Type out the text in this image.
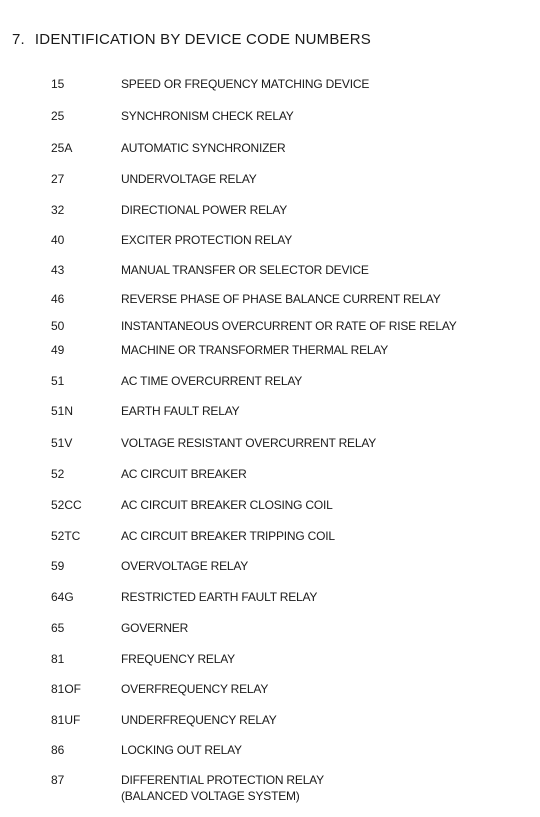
7. IDENTIFICATION BY DEVICE CODE NUMBERS
15	SPEED OR FREQUENCY MATCHING DEVICE
25	SYNCHRONISM CHECK RELAY
25A	AUTOMATIC SYNCHRONIZER
27	UNDERVOLTAGE RELAY
32	DIRECTIONAL POWER RELAY
40	EXCITER PROTECTION RELAY
43	MANUAL TRANSFER OR SELECTOR DEVICE
46	REVERSE PHASE OF PHASE BALANCE CURRENT RELAY
50	INSTANTANEOUS OVERCURRENT OR RATE OF RISE RELAY
49	MACHINE OR TRANSFORMER THERMAL RELAY
51	AC TIME OVERCURRENT RELAY
51N	EARTH FAULT RELAY
51V	VOLTAGE RESISTANT OVERCURRENT RELAY
52	AC CIRCUIT BREAKER
52CC	AC CIRCUIT BREAKER CLOSING COIL
52TC	AC CIRCUIT BREAKER TRIPPING COIL
59	OVERVOLTAGE RELAY
64G	RESTRICTED EARTH FAULT RELAY
65	GOVERNER
81	FREQUENCY RELAY
81OF	OVERFREQUENCY RELAY
81UF	UNDERFREQUENCY RELAY
86	LOCKING OUT RELAY
87	DIFFERENTIAL PROTECTION RELAY
(BALANCED VOLTAGE SYSTEM)
